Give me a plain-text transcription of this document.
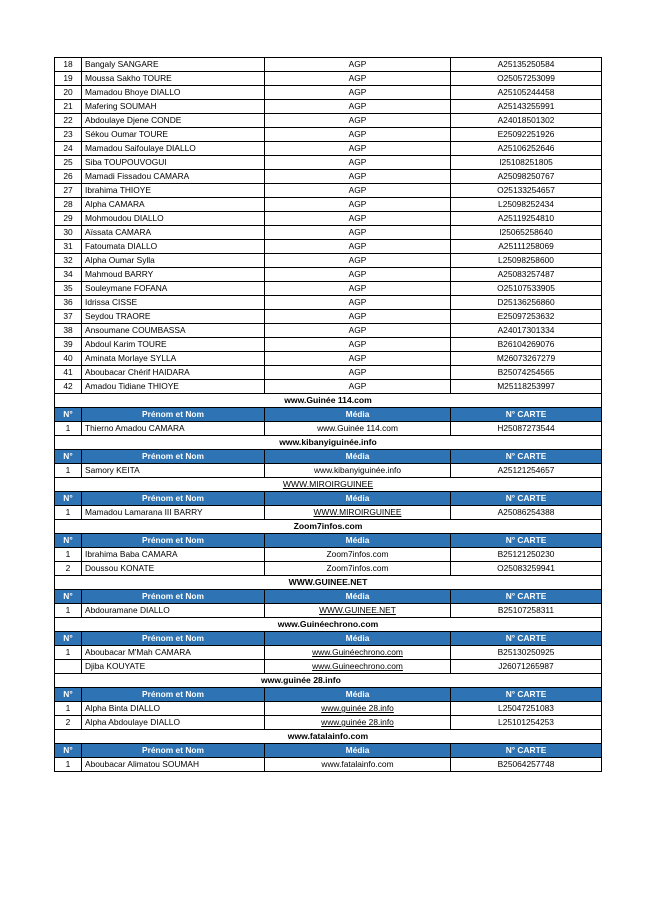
18	Bangaly SANGARE	AGP	A25135250584
19	Moussa Sakho TOURE	AGP	O25057253099
20	Mamadou Bhoye DIALLO	AGP	A25105244458
21	Mafering SOUMAH	AGP	A25143255991
22	Abdoulaye Djene CONDE	AGP	A24018501302
23	Sékou Oumar TOURE	AGP	E25092251926
24	Mamadou Saifoulaye DIALLO	AGP	A25106252646
25	Siba TOUPOUVOGUI	AGP	I25108251805
26	Mamadi Fissadou CAMARA	AGP	A25098250767
27	Ibrahima THIOYE	AGP	O25133254657
28	Alpha CAMARA	AGP	L25098252434
29	Mohmoudou DIALLO	AGP	A25119254810
30	Aïssata CAMARA	AGP	I25065258640
31	Fatoumata DIALLO	AGP	A25111258069
32	Alpha Oumar Sylla	AGP	L25098258600
34	Mahmoud BARRY	AGP	A25083257487
35	Souleymane FOFANA	AGP	O25107533905
36	Idrissa CISSE	AGP	D25136256860
37	Seydou TRAORE	AGP	E25097253632
38	Ansoumane COUMBASSA	AGP	A24017301334
39	Abdoul Karim TOURE	AGP	B26104269076
40	Aminata Morlaye SYLLA	AGP	M26073267279
41	Aboubacar Chérif HAIDARA	AGP	B25074254565
42	Amadou Tidiane THIOYE	AGP	M25118253997
www.Guinée 114.com			
N°	Prénom et Nom	Média	N° CARTE
1	Thierno Amadou CAMARA	www.Guinée 114.com	H25087273544
www.kibanyiguinée.info			
N°	Prénom et Nom	Média	N° CARTE
1	Samory KEITA	www.kibanyiguinée.info	A25121254657
WWW.MIROIRGUINEE			
N°	Prénom et Nom	Média	N° CARTE
1	Mamadou Lamarana III BARRY	WWW.MIROIRGUINEE	A25086254388
Zoom7infos.com			
N°	Prénom et Nom	Média	N° CARTE
1	Ibrahima Baba CAMARA	Zoom7infos.com	B25121250230
2	Doussou KONATE	Zoom7infos.com	O25083259941
WWW.GUINEE.NET			
N°	Prénom et Nom	Média	N° CARTE
1	Abdouramane DIALLO	WWW.GUINEE.NET	B25107258311
www.Guinéechrono.com			
N°	Prénom et Nom	Média	N° CARTE
1	Aboubacar M'Mah CAMARA	www.Guinéechrono.com	B25130250925
	Djiba KOUYATE	www.Guineechrono.com	J26071265987
www.guinée 28.info			
N°	Prénom et Nom	Média	N° CARTE
1	Alpha Binta DIALLO	www.guinée 28.info	L25047251083
2	Alpha Abdoulaye DIALLO	www.guinée 28.info	L25101254253
www.fatalainfo.com			
N°	Prénom et Nom	Média	N° CARTE
1	Aboubacar Alimatou SOUMAH	www.fatalainfo.com	B25064257748
